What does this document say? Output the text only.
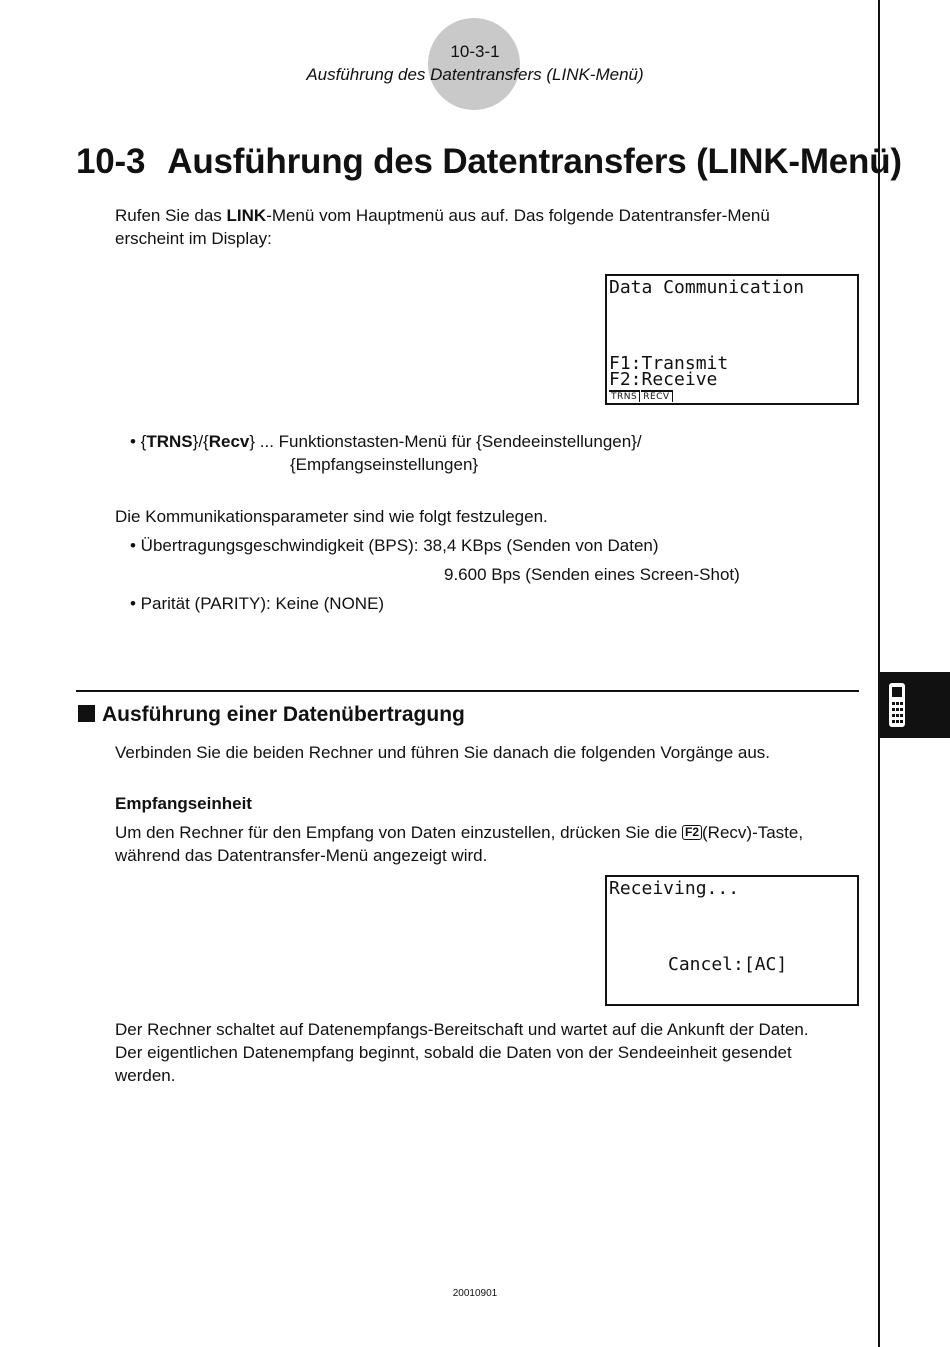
10-3-1
Ausführung des Datentransfers (LINK-Menü)
10-3 Ausführung des Datentransfers (LINK-Menü)
Rufen Sie das LINK-Menü vom Hauptmenü aus auf. Das folgende Datentransfer-Menü
erscheint im Display:
Data Communication
F1:Transmit
F2:Receive
TRNS RECV
• {TRNS}/{Recv} ... Funktionstasten-Menü für {Sendeeinstellungen}/
{Empfangseinstellungen}
Die Kommunikationsparameter sind wie folgt festzulegen.
• Übertragungsgeschwindigkeit (BPS): 38,4 KBps (Senden von Daten)
9.600 Bps (Senden eines Screen-Shot)
• Parität (PARITY): Keine (NONE)
Ausführung einer Datenübertragung
Verbinden Sie die beiden Rechner und führen Sie danach die folgenden Vorgänge aus.
Empfangseinheit
Um den Rechner für den Empfang von Daten einzustellen, drücken Sie die F2 (Recv)-Taste,
während das Datentransfer-Menü angezeigt wird.
Receiving...
Cancel:[AC]
Der Rechner schaltet auf Datenempfangs-Bereitschaft und wartet auf die Ankunft der Daten.
Der eigentlichen Datenempfang beginnt, sobald die Daten von der Sendeeinheit gesendet
werden.
20010901
